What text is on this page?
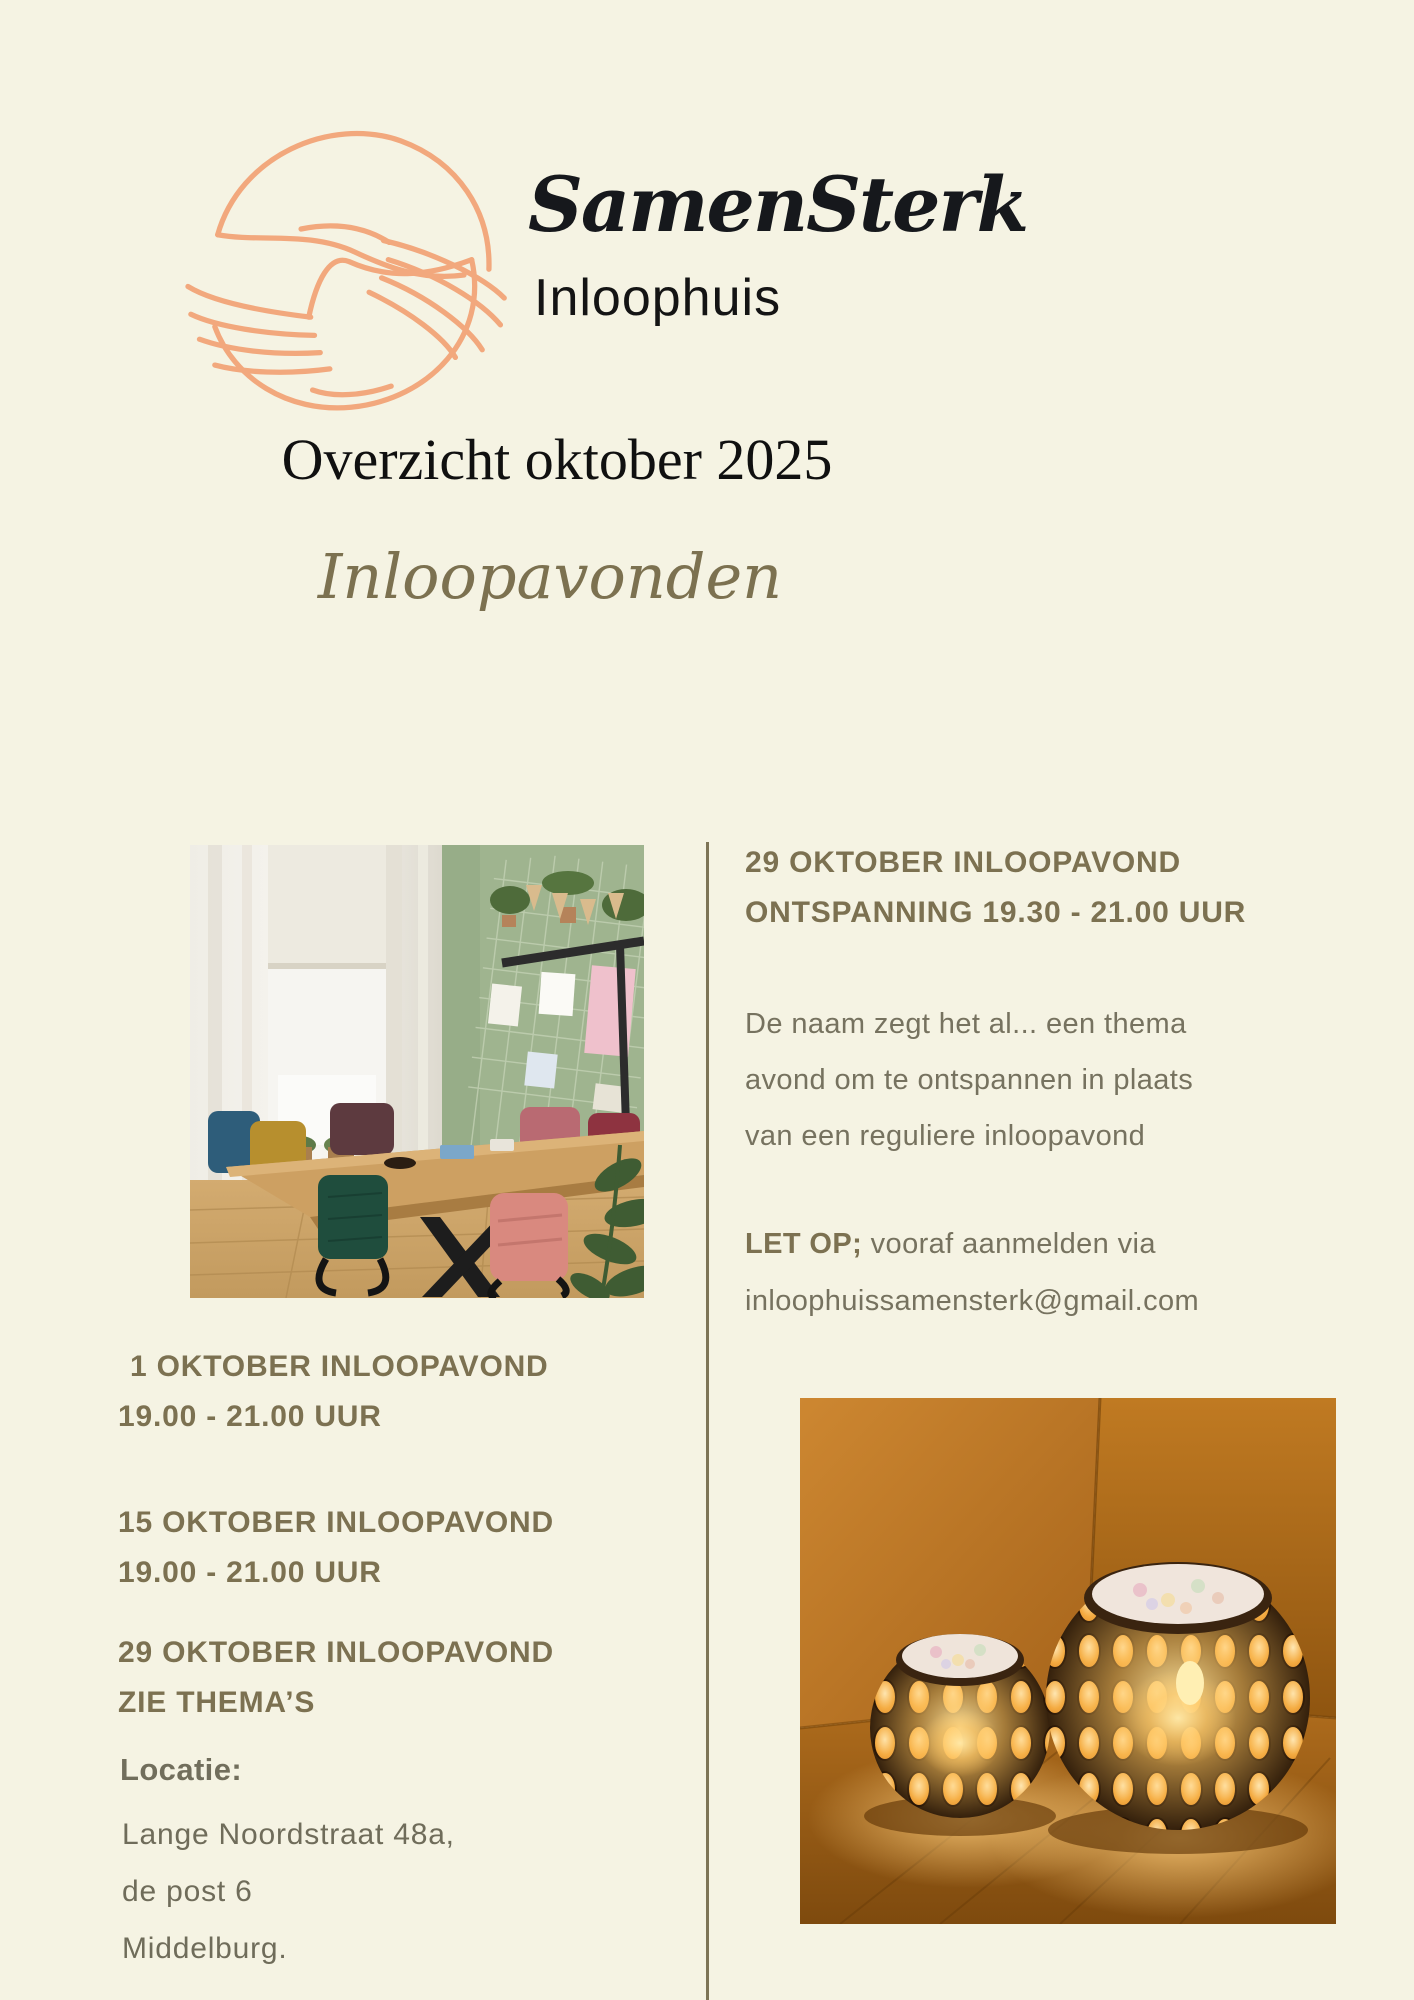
SamenSterk
Inloophuis
Overzicht oktober 2025
Inloopavonden
29 OKTOBER INLOOPAVOND
ONTSPANNING 19.30 - 21.00 UUR
De naam zegt het al... een thema
avond om te ontspannen in plaats
van een reguliere inloopavond
LET OP; vooraf aanmelden via
inloophuissamensterk@gmail.com
1 OKTOBER INLOOPAVOND
19.00 - 21.00 UUR
15 OKTOBER INLOOPAVOND
19.00 - 21.00 UUR
29 OKTOBER INLOOPAVOND
ZIE THEMA’S
Locatie:
Lange Noordstraat 48a,
de post 6
Middelburg.
